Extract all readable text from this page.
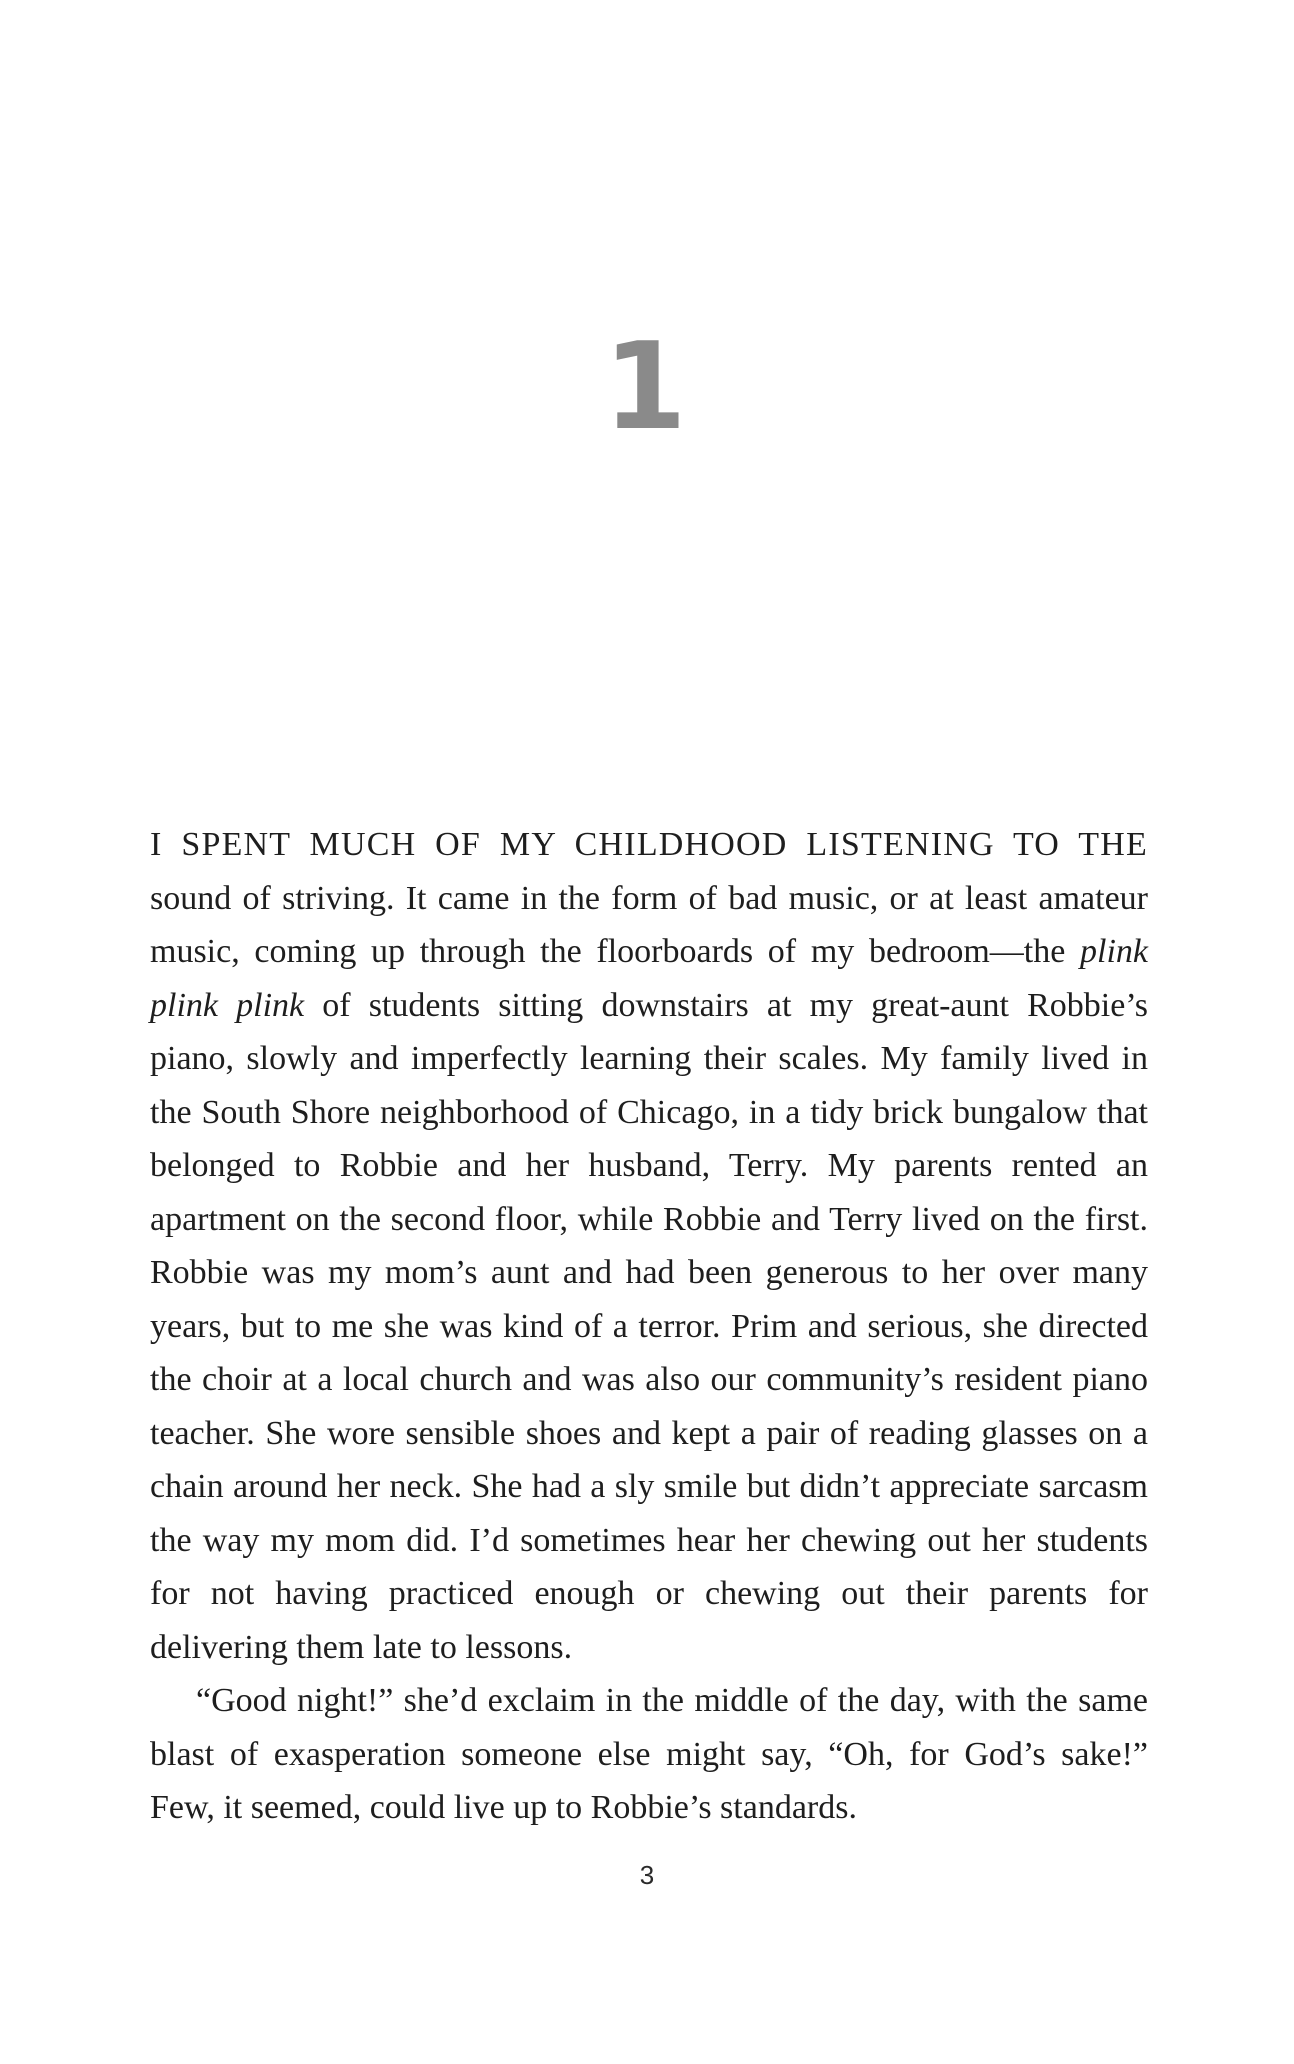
1

I SPENT MUCH OF MY CHILDHOOD LISTENING TO THE sound of striving. It came in the form of bad music, or at least amateur music, coming up through the floorboards of my bedroom—the plink plink plink of students sitting downstairs at my great-aunt Robbie’s piano, slowly and imperfectly learning their scales. My family lived in the South Shore neighborhood of Chicago, in a tidy brick bungalow that belonged to Robbie and her husband, Terry. My parents rented an apartment on the second floor, while Robbie and Terry lived on the first. Robbie was my mom’s aunt and had been generous to her over many years, but to me she was kind of a terror. Prim and serious, she directed the choir at a local church and was also our community’s resident piano teacher. She wore sensible shoes and kept a pair of reading glasses on a chain around her neck. She had a sly smile but didn’t appreciate sarcasm the way my mom did. I’d sometimes hear her chewing out her students for not having practiced enough or chewing out their parents for delivering them late to lessons.

“Good night!” she’d exclaim in the middle of the day, with the same blast of exasperation someone else might say, “Oh, for God’s sake!” Few, it seemed, could live up to Robbie’s standards.

3
